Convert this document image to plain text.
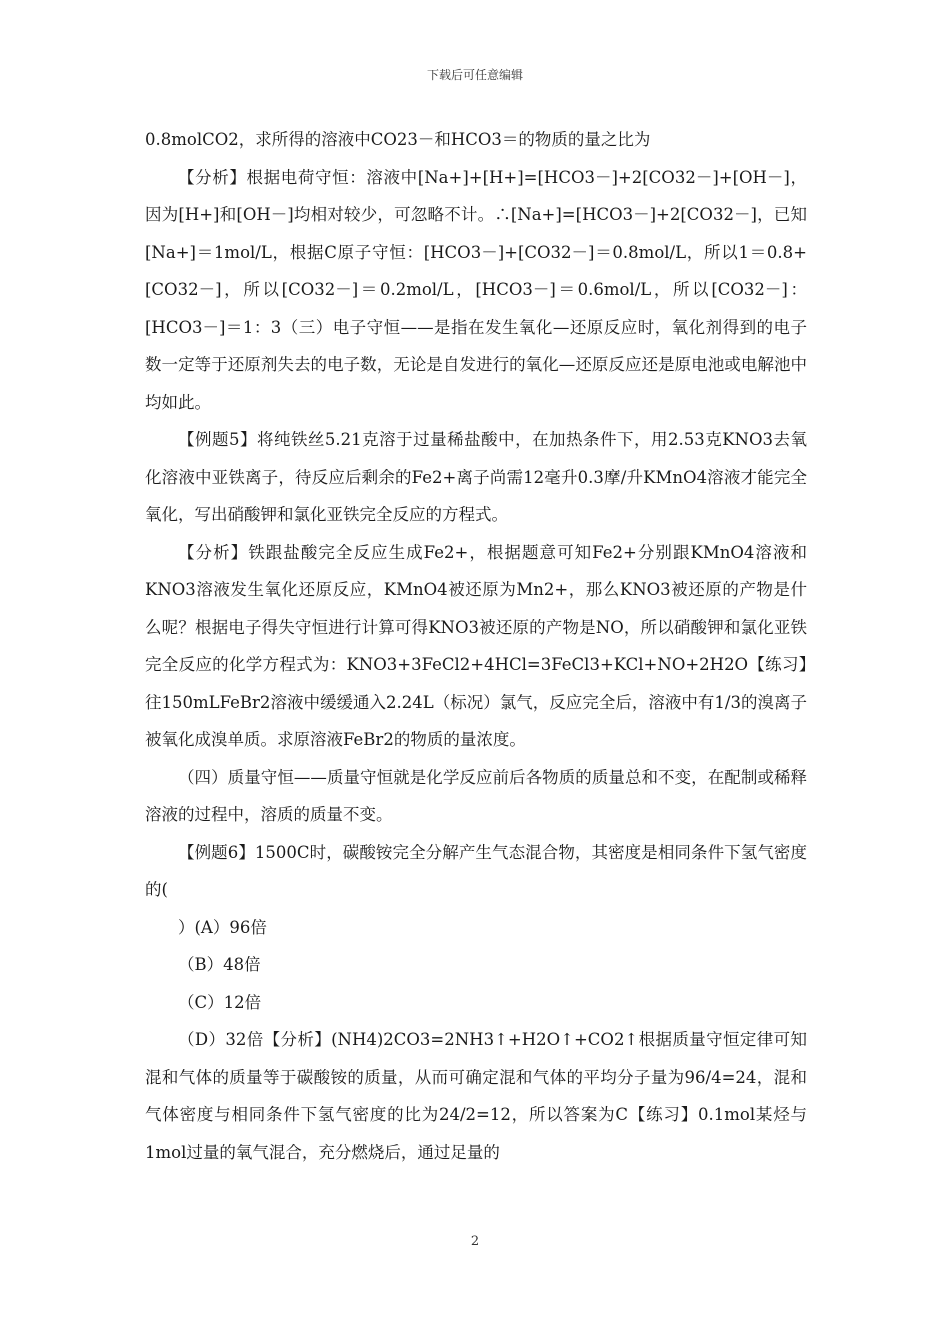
下载后可任意编辑

0.8molCO2，求所得的溶液中CO23－和HCO3＝的物质的量之比为

【分析】根据电荷守恒：溶液中[Na+]+[H+]=[HCO3－]+2[CO32－]+[OH－]，因为[H+]和[OH－]均相对较少，可忽略不计。∴[Na+]=[HCO3－]+2[CO32－]，已知[Na+]＝1mol/L，根据C原子守恒：[HCO3－]+[CO32－]＝0.8mol/L，所以1＝0.8+[CO32－]，所以[CO32－]＝0.2mol/L，[HCO3－]＝0.6mol/L，所以[CO32－]：[HCO3－]＝1：3（三）电子守恒——是指在发生氧化—还原反应时，氧化剂得到的电子数一定等于还原剂失去的电子数，无论是自发进行的氧化—还原反应还是原电池或电解池中均如此。

【例题5】将纯铁丝5.21克溶于过量稀盐酸中，在加热条件下，用2.53克KNO3去氧化溶液中亚铁离子，待反应后剩余的Fe2+离子尚需12毫升0.3摩/升KMnO4溶液才能完全氧化，写出硝酸钾和氯化亚铁完全反应的方程式。

【分析】铁跟盐酸完全反应生成Fe2+，根据题意可知Fe2+分别跟KMnO4溶液和KNO3溶液发生氧化还原反应，KMnO4被还原为Mn2+，那么KNO3被还原的产物是什么呢？根据电子得失守恒进行计算可得KNO3被还原的产物是NO，所以硝酸钾和氯化亚铁完全反应的化学方程式为：KNO3+3FeCl2+4HCl=3FeCl3+KCl+NO+2H2O【练习】往150mLFeBr2溶液中缓缓通入2.24L（标况）氯气，反应完全后，溶液中有1/3的溴离子被氧化成溴单质。求原溶液FeBr2的物质的量浓度。

（四）质量守恒——质量守恒就是化学反应前后各物质的质量总和不变，在配制或稀释溶液的过程中，溶质的质量不变。

【例题6】1500C时，碳酸铵完全分解产生气态混合物，其密度是相同条件下氢气密度的(

）(A）96倍

（B）48倍

（C）12倍

（D）32倍【分析】(NH4)2CO3=2NH3↑+H2O↑+CO2↑根据质量守恒定律可知混和气体的质量等于碳酸铵的质量，从而可确定混和气体的平均分子量为96/4=24，混和气体密度与相同条件下氢气密度的比为24/2=12，所以答案为C【练习】0.1mol某烃与1mol过量的氧气混合，充分燃烧后，通过足量的

2
